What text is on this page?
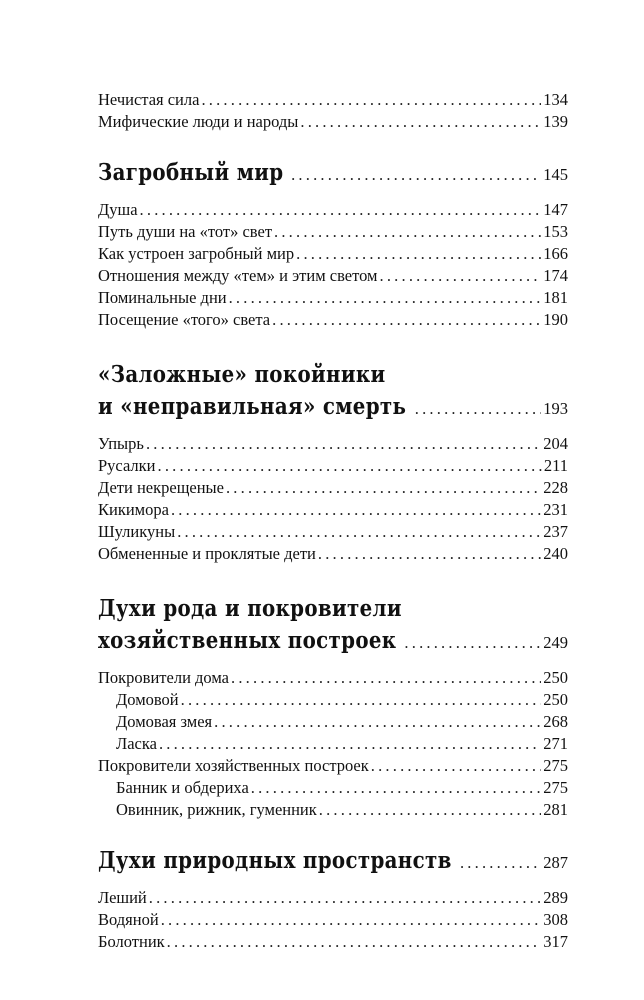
Нечистая сила .....	134
Мифические люди и народы .....	139
Загробный мир .....	145
Душа .....	147
Путь души на «тот» свет .....	153
Как устроен загробный мир .....	166
Отношения между «тем» и этим светом .....	174
Поминальные дни .....	181
Посещение «того» света .....	190
«Заложные» покойники
и «неправильная» смерть .....	193
Упырь .....	204
Русалки .....	211
Дети некрещеные .....	228
Кикимора .....	231
Шуликуны .....	237
Обмененные и проклятые дети .....	240
Духи рода и покровители
хозяйственных построек .....	249
Покровители дома .....	250
Домовой .....	250
Домовая змея .....	268
Ласка .....	271
Покровители хозяйственных построек .....	275
Банник и обдериха .....	275
Овинник, рижник, гуменник .....	281
Духи природных пространств .....	287
Леший .....	289
Водяной .....	308
Болотник .....	317
